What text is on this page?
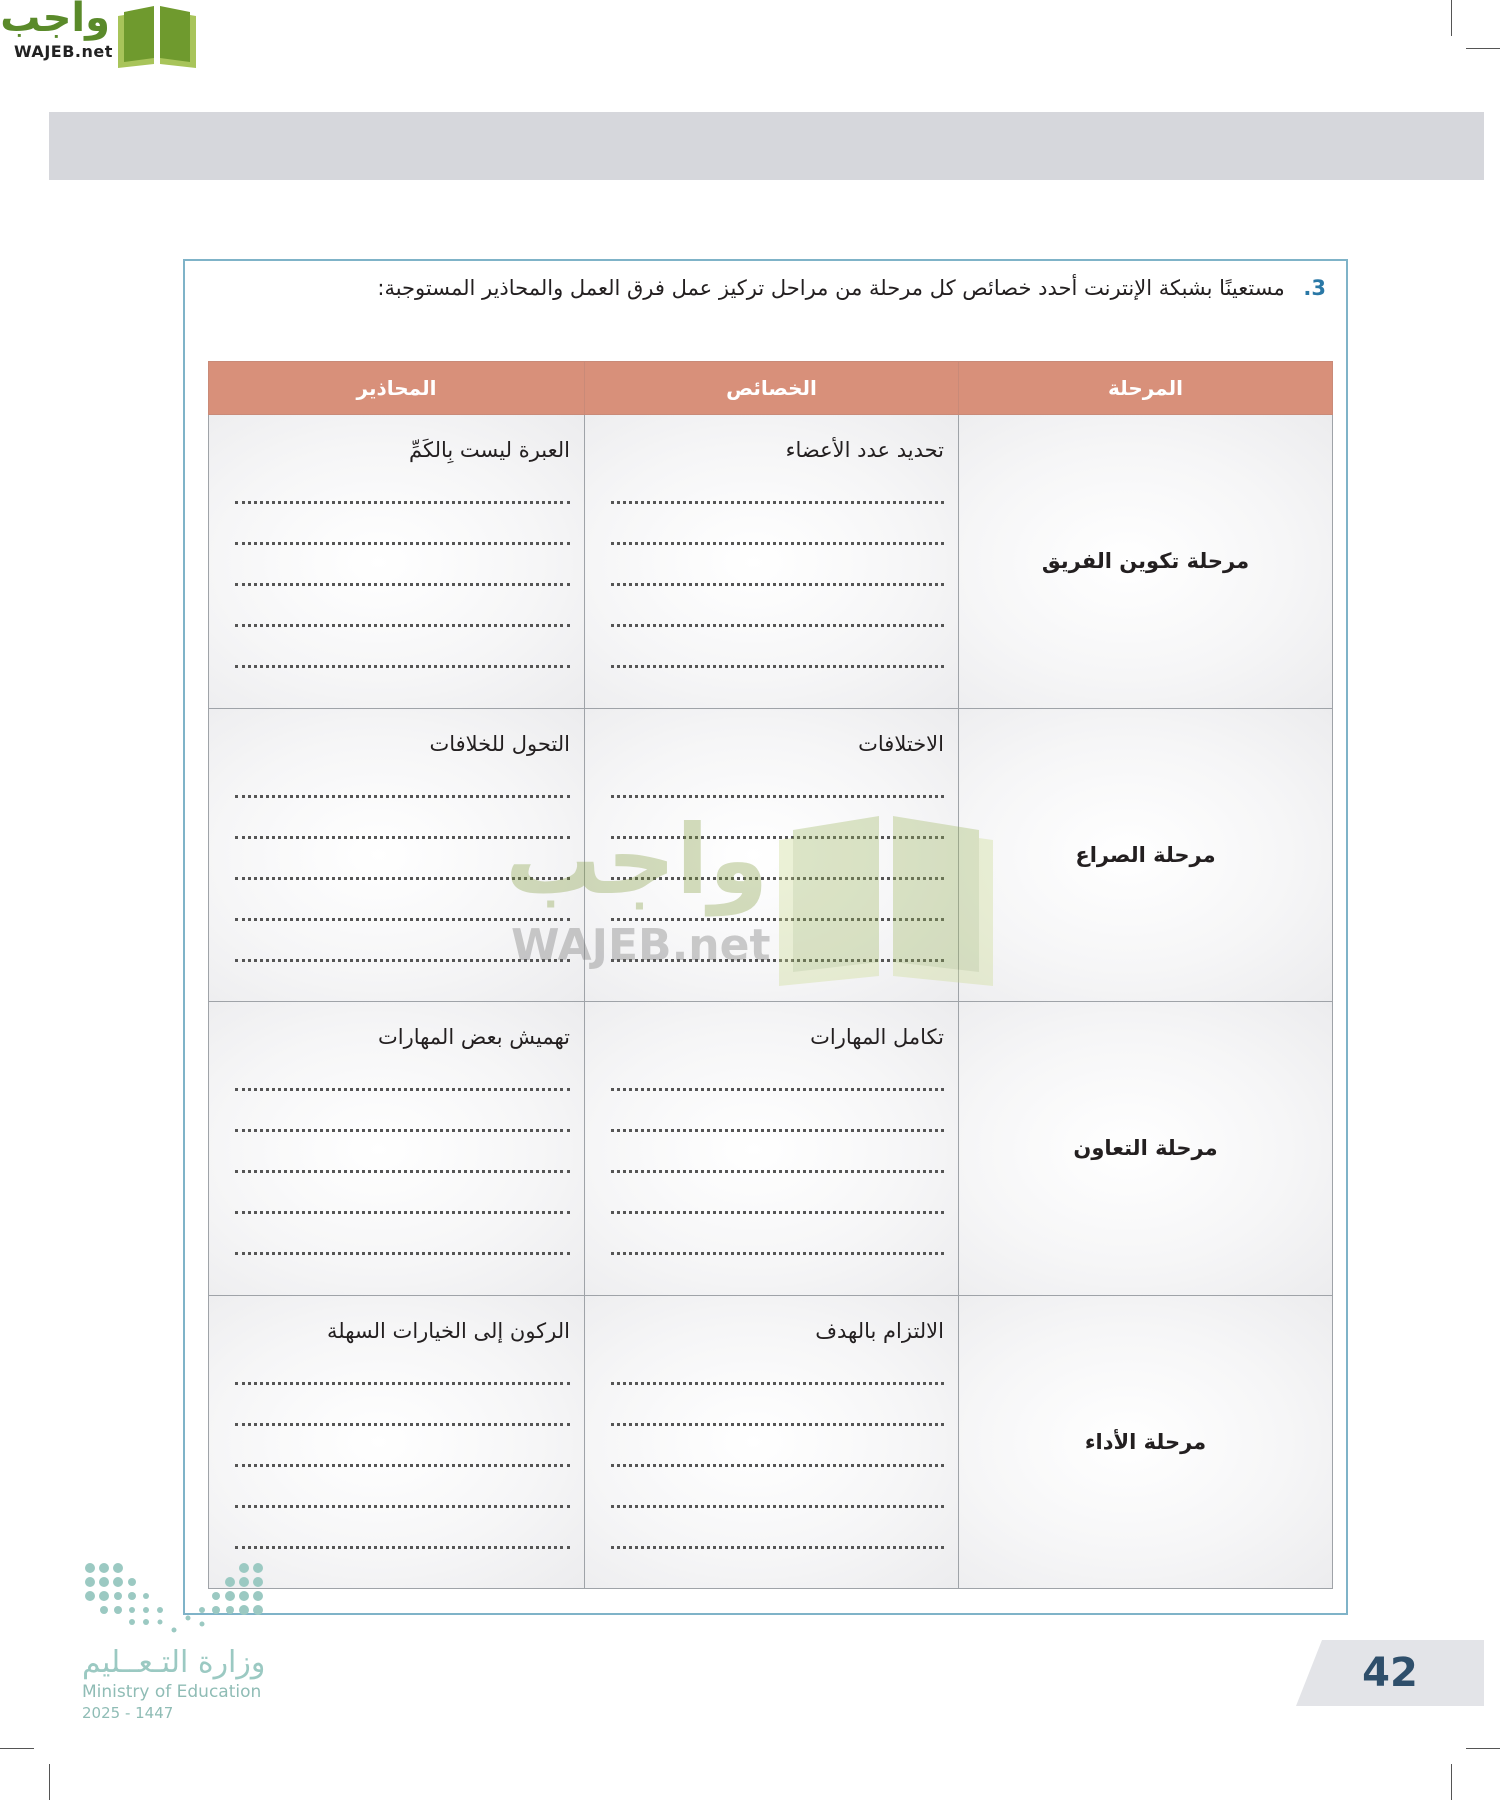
واجب
WAJEB.net
3. مستعينًا بشبكة الإنترنت أحدد خصائص كل مرحلة من مراحل تركيز عمل فرق العمل والمحاذير المستوجبة:
المرحلة	الخصائص	المحاذير
مرحلة تكوين الفريق	تحديد عدد الأعضاء	العبرة ليست بِالكَمِّ

مرحلة الصراع	الاختلافات	التحول للخلافات

مرحلة التعاون	تكامل المهارات	تهميش بعض المهارات

مرحلة الأداء	الالتزام بالهدف	الركون إلى الخيارات السهلة
واجب
WAJEB.net
وزارة التـعــليم
Ministry of Education
2025 - 1447
42
